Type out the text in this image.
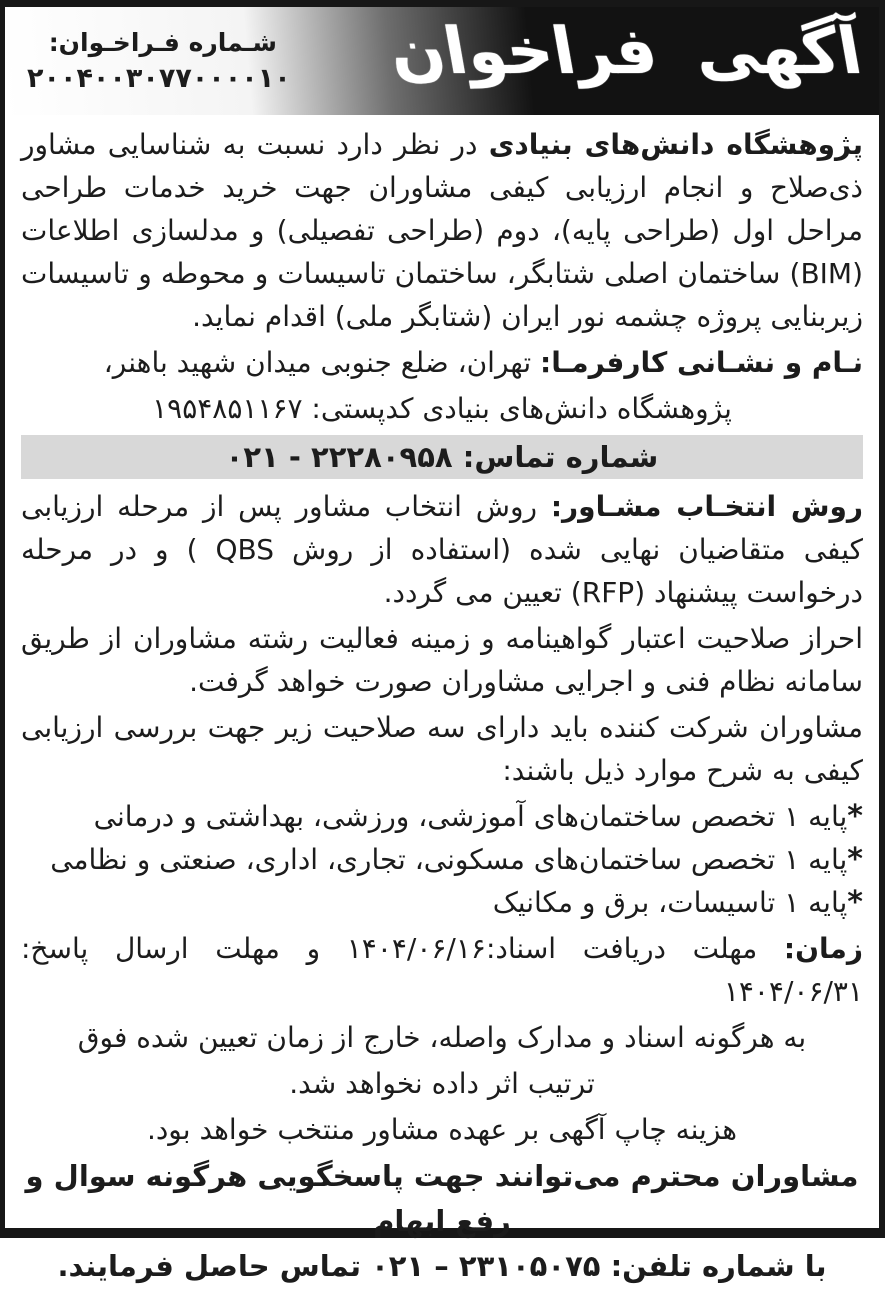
آگهی فراخوان
شـماره فـراخـوان:
۲۰۰۴۰۰۳۰۷۷۰۰۰۰۱۰

پژوهشگاه دانش‌های بنیادی در نظر دارد نسبت به شناسایی مشاور ذی‌صلاح و انجام ارزیابی کیفی مشاوران جهت خرید خدمات طراحی مراحل اول (طراحی پایه)، دوم (طراحی تفصیلی) و مدلسازی اطلاعات (BIM) ساختمان اصلی شتابگر، ساختمان تاسیسات و محوطه و تاسیسات زیربنایی پروژه چشمه نور ایران (شتابگر ملی) اقدام نماید.

نـام و نشـانی کارفرمـا: تهران، ضلع جنوبی میدان شهید باهنر،

پژوهشگاه دانش‌های بنیادی کدپستی: ۱۹۵۴۸۵۱۱۶۷
شماره تماس: ۲۲۲۸۰۹۵۸ - ۰۲۱

روش انتخـاب مشـاور: روش انتخاب مشاور پس از مرحله ارزیابی کیفی متقاضیان نهایی شده (استفاده از روش QBS ) و در مرحله درخواست پیشنهاد (RFP) تعیین می گردد.

احراز صلاحیت اعتبار گواهینامه و زمینه فعالیت رشته مشاوران از طریق سامانه نظام فنی و اجرایی مشاوران صورت خواهد گرفت.

مشاوران شرکت کننده باید دارای سه صلاحیت زیر جهت بررسی ارزیابی کیفی به شرح موارد ذیل باشند:

*پایه ۱ تخصص ساختمان‌های آموزشی، ورزشی، بهداشتی و درمانی
*پایه ۱ تخصص ساختمان‌های مسکونی، تجاری، اداری، صنعتی و نظامی
*پایه ۱ تاسیسات، برق و مکانیک

زمان: مهلت دریافت اسناد:۱۴۰۴/۰۶/۱۶ و مهلت ارسال پاسخ: ۱۴۰۴/۰۶/۳۱

به هرگونه اسناد و مدارک واصله، خارج از زمان تعیین شده فوق
ترتیب اثر داده نخواهد شد.
هزینه چاپ آگهی بر عهده مشاور منتخب خواهد بود.

مشاوران محترم می‌توانند جهت پاسخگویی هرگونه سوال و رفع ابهام

با شماره تلفن: ۲۳۱۰۵۰۷۵ – ۰۲۱ تماس حاصل فرمایند.
